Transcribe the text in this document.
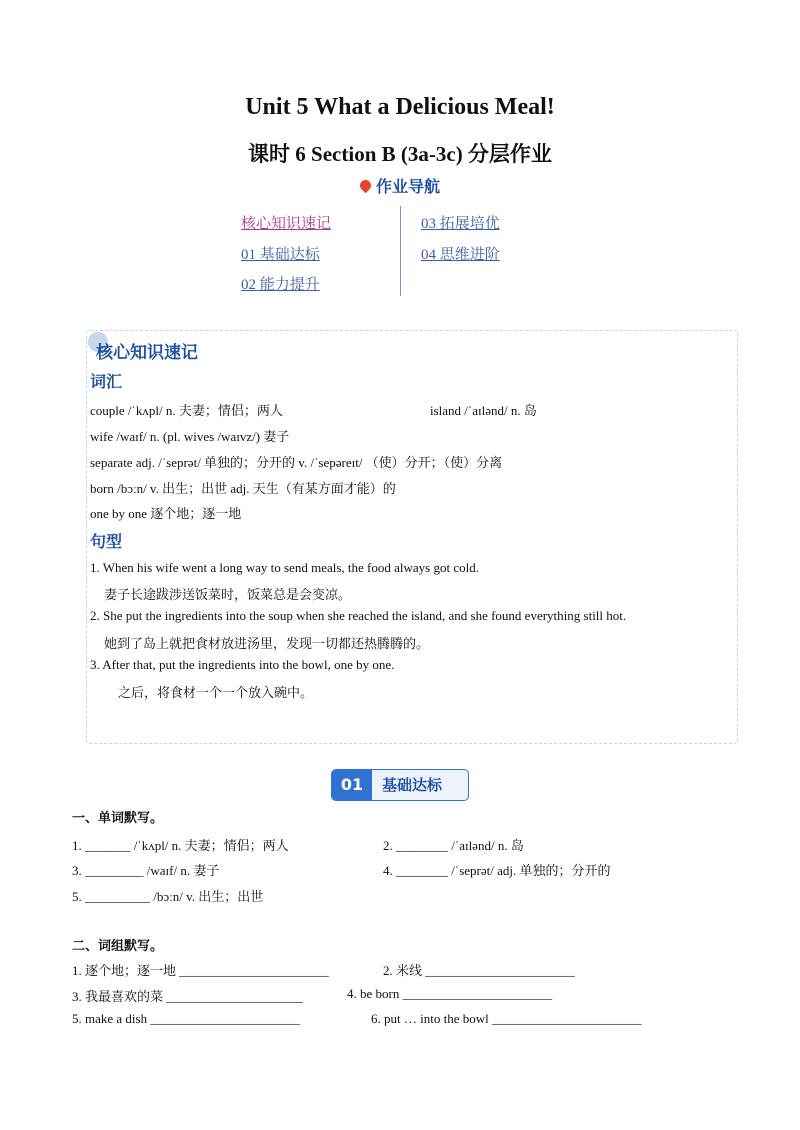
Unit 5 What a Delicious Meal!
课时 6 Section B (3a-3c) 分层作业
作业导航
核心知识速记
01 基础达标
02 能力提升
03 拓展培优
04 思维进阶
核心知识速记
词汇
couple /ˈkʌpl/ n. 夫妻；情侣；两人	island /ˈaɪlənd/ n. 岛
wife /waɪf/ n. (pl. wives /waɪvz/) 妻子
separate adj. /ˈseprət/ 单独的；分开的 v. /ˈsepəreɪt/ （使）分开；（使）分离
born /bɔːn/ v. 出生；出世 adj. 天生（有某方面才能）的
one by one 逐个地；逐一地
句型
1. When his wife went a long way to send meals, the food always got cold.
妻子长途跋涉送饭菜时，饭菜总是会变凉。
2. She put the ingredients into the soup when she reached the island, and she found everything still hot.
她到了岛上就把食材放进汤里，发现一切都还热腾腾的。
3. After that, put the ingredients into the bowl, one by one.
之后，将食材一个一个放入碗中。
01	基础达标
一、单词默写。
1. _______ /ˈkʌpl/ n. 夫妻；情侣；两人	2. ________ /ˈaɪlənd/ n. 岛
3. _________ /waɪf/ n. 妻子	4. ________ /ˈseprət/ adj. 单独的；分开的
5. __________ /bɔːn/ v. 出生；出世
二、词组默写。
1. 逐个地；逐一地 _______________________	2. 米线 _______________________
3. 我最喜欢的菜 _____________________	4. be born _______________________
5. make a dish _______________________	6. put … into the bowl _______________________
